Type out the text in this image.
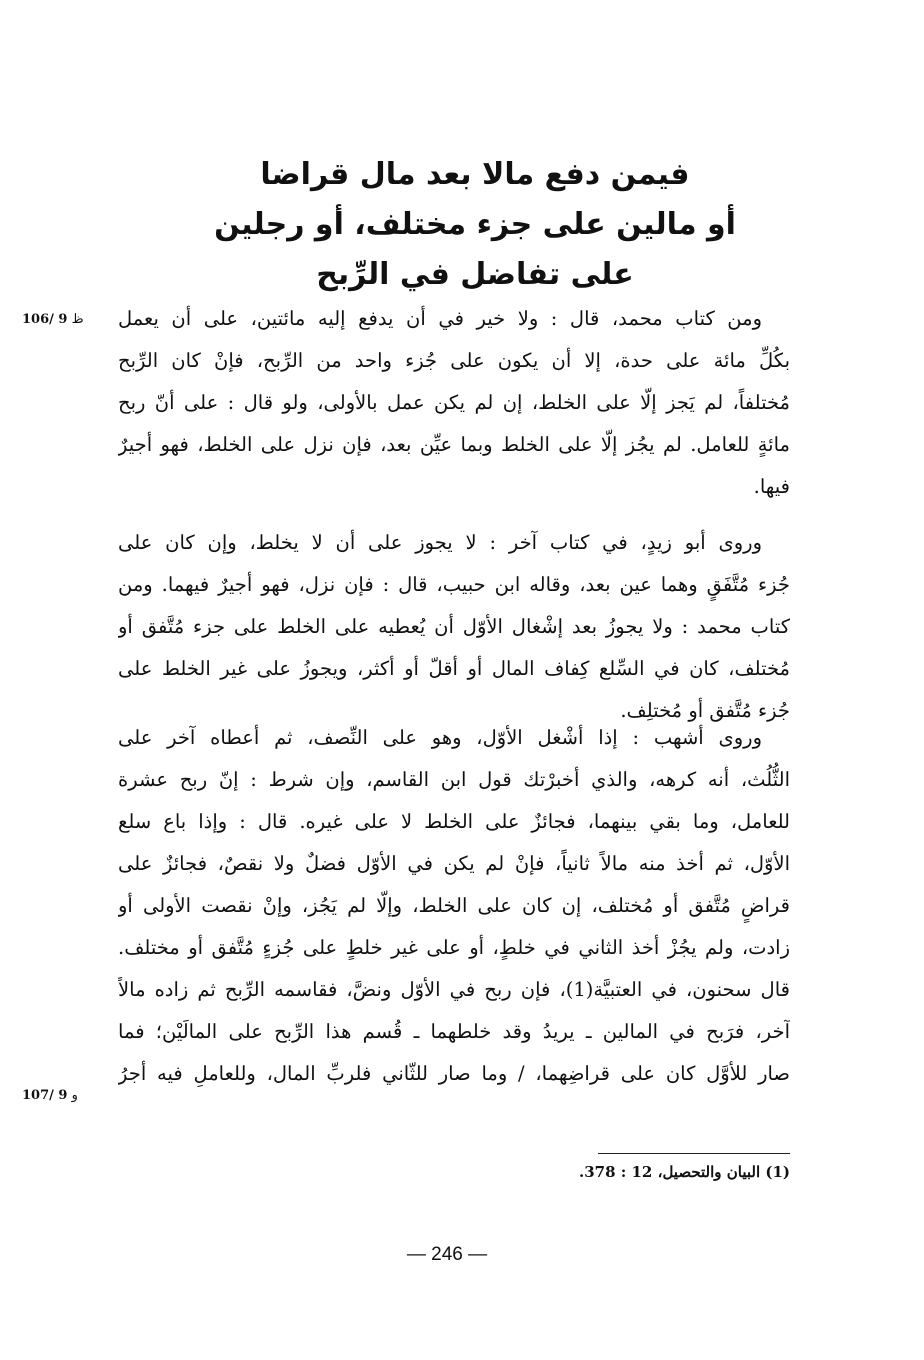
فيمن دفع مالا بعد مال قراضا
أو مالين على جزء مختلف، أو رجلين
على تفاضل في الرِّبح
ومن كتاب محمد، قال : ولا خير في أن يدفع إليه مائتين، على أن يعمل
بكُلِّ مائة على حدة، إلا أن يكون على جُزء واحد من الرِّبح، فإنْ كان الرِّبح
مُختلفاً، لم يَجز إلّا على الخلط، إن لم يكن عمل بالأولى، ولو قال : على أنّ ربح
مائةٍ للعامل. لم يجُز إلّا على الخلط وبما عيِّن بعد، فإن نزل على الخلط، فهو أجيرٌ
فيها.
وروى أبو زيدٍ، في كتاب آخر : لا يجوز على أن لا يخلط، وإن كان على
جُزء مُتَّفَقٍ وهما عين بعد، وقاله ابن حبيب، قال : فإن نزل، فهو أجيرٌ فيهما. ومن
كتاب محمد : ولا يجوزُ بعد إشْغال الأوّل أن يُعطيه على الخلط على جزء مُتَّفق أو
مُختلف، كان في السِّلع كِفاف المال أو أقلّ أو أكثر، ويجوزُ على غير الخلط على
جُزء مُتَّفق أو مُختلِف.
وروى أشهب : إذا أشْغل الأوّل، وهو على النِّصف، ثم أعطاه آخر على
الثُّلُث، أنه كرهه، والذي أخبرْتك قول ابن القاسم، وإن شرط : إنّ ربح عشرة
للعامل، وما بقي بينهما، فجائزٌ على الخلط لا على غيره. قال : وإذا باع سلع
الأوّل، ثم أخذ منه مالاً ثانياً، فإنْ لم يكن في الأوّل فضلٌ ولا نقصٌ، فجائزٌ على
قراضٍ مُتَّفق أو مُختلف، إن كان على الخلط، وإلّا لم يَجُز، وإنْ نقصت الأولى أو
زادت، ولم يجُزْ أخذ الثاني في خلطٍ، أو على غير خلطٍ على جُزءٍ مُتَّفق أو مختلف.
قال سحنون، في العتبيَّة(1)، فإن ربح في الأوّل ونضَّ، فقاسمه الرِّبح ثم زاده مالاً
آخر، فرَبح في المالين ـ يريدُ وقد خلطهما ـ قُسم هذا الرِّبح على المالَيْن؛ فما
صار للأوَّل كان على قراضِهما، / وما صار للثّاني فلربِّ المال، وللعاملِ فيه أجرُ
ظ 9 /106
و 9 /107
(1) البيان والتحصيل، 12 : 378.
— 246 —
